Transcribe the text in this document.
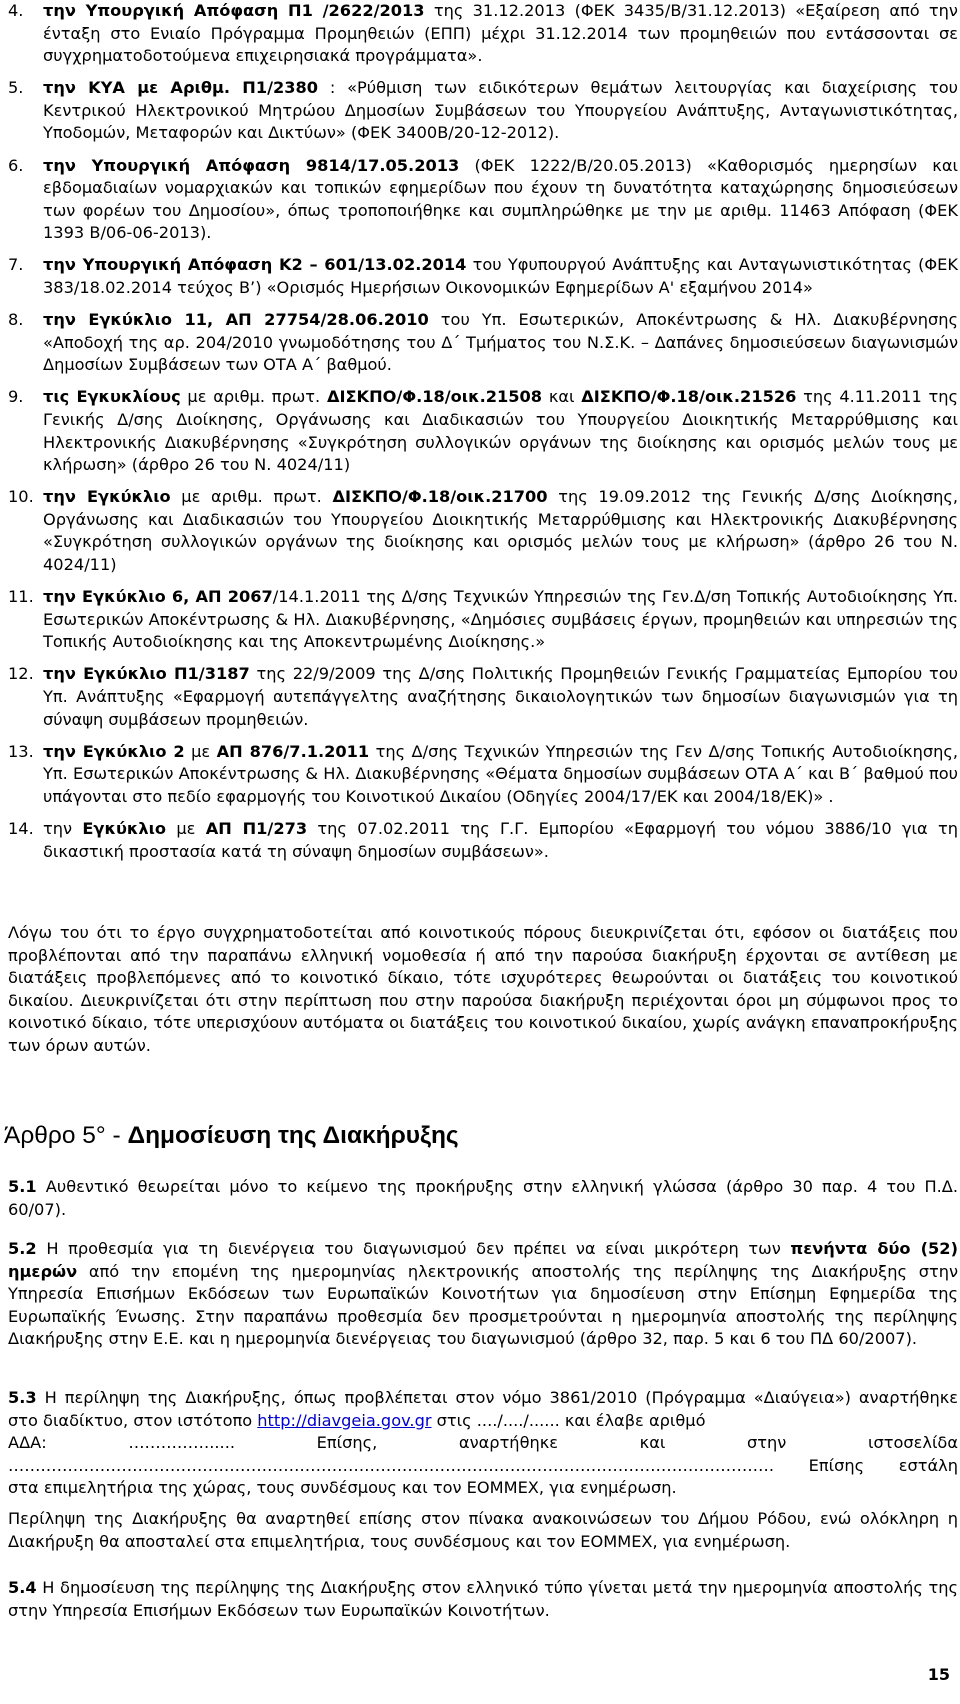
4.	την Υπουργική Απόφαση Π1 /2622/2013 της 31.12.2013 (ΦΕΚ 3435/Β/31.12.2013) «Εξαίρεση από την ένταξη στο Ενιαίο Πρόγραμμα Προμηθειών (ΕΠΠ) μέχρι 31.12.2014 των προμηθειών που εντάσσονται σε συγχρηματοδοτούμενα επιχειρησιακά προγράμματα».
5.	την ΚΥΑ με Αριθμ. Π1/2380 : «Ρύθμιση των ειδικότερων θεμάτων λειτουργίας και διαχείρισης του Κεντρικού Ηλεκτρονικού Μητρώου Δημοσίων Συμβάσεων του Υπουργείου Ανάπτυξης, Ανταγωνιστικότητας, Υποδομών, Μεταφορών και Δικτύων» (ΦΕΚ 3400Β/20-12-2012).
6.	την Υπουργική Απόφαση 9814/17.05.2013 (ΦΕΚ 1222/Β/20.05.2013) «Καθορισμός ημερησίων και εβδομαδιαίων νομαρχιακών και τοπικών εφημερίδων που έχουν τη δυνατότητα καταχώρησης δημοσιεύσεων των φορέων του Δημοσίου», όπως τροποποιήθηκε και συμπληρώθηκε με την με αριθμ. 11463 Απόφαση (ΦΕΚ 1393 Β/06-06-2013).
7.	την Υπουργική Απόφαση Κ2 – 601/13.02.2014 του Υφυπουργού Ανάπτυξης και Ανταγωνιστικότητας (ΦΕΚ 383/18.02.2014 τεύχος Β’) «Ορισμός Ημερήσιων Οικονομικών Εφημερίδων Α' εξαμήνου 2014»
8.	την Εγκύκλιο 11, ΑΠ 27754/28.06.2010 του Υπ. Εσωτερικών, Αποκέντρωσης & Ηλ. Διακυβέρνησης «Αποδοχή της αρ. 204/2010 γνωμοδότησης του Δ΄ Τμήματος του Ν.Σ.Κ. – Δαπάνες δημοσιεύσεων διαγωνισμών Δημοσίων Συμβάσεων των ΟΤΑ Α΄ βαθμού.
9.	τις Εγκυκλίους με αριθμ. πρωτ. ΔΙΣΚΠΟ/Φ.18/οικ.21508 και ΔΙΣΚΠΟ/Φ.18/οικ.21526 της 4.11.2011 της Γενικής Δ/σης Διοίκησης, Οργάνωσης και Διαδικασιών του Υπουργείου Διοικητικής Μεταρρύθμισης και Ηλεκτρονικής Διακυβέρνησης «Συγκρότηση συλλογικών οργάνων της διοίκησης και ορισμός μελών τους με κλήρωση» (άρθρο 26 του Ν. 4024/11)
10. την Εγκύκλιο με αριθμ. πρωτ. ΔΙΣΚΠΟ/Φ.18/οικ.21700 της 19.09.2012 της Γενικής Δ/σης Διοίκησης, Οργάνωσης και Διαδικασιών του Υπουργείου Διοικητικής Μεταρρύθμισης και Ηλεκτρονικής Διακυβέρνησης «Συγκρότηση συλλογικών οργάνων της διοίκησης και ορισμός μελών τους με κλήρωση» (άρθρο 26 του Ν. 4024/11)
11. την Εγκύκλιο 6, ΑΠ 2067/14.1.2011 της Δ/σης Τεχνικών Υπηρεσιών της Γεν.Δ/ση Τοπικής Αυτοδιοίκησης Υπ. Εσωτερικών Αποκέντρωσης & Ηλ. Διακυβέρνησης, «Δημόσιες συμβάσεις έργων, προμηθειών και υπηρεσιών της Τοπικής Αυτοδιοίκησης και της Αποκεντρωμένης Διοίκησης.»
12. την Εγκύκλιο Π1/3187 της 22/9/2009 της Δ/σης Πολιτικής Προμηθειών Γενικής Γραμματείας Εμπορίου του Υπ. Ανάπτυξης «Εφαρμογή αυτεπάγγελτης αναζήτησης δικαιολογητικών των δημοσίων διαγωνισμών για τη σύναψη συμβάσεων προμηθειών.
13. την Εγκύκλιο 2 με ΑΠ 876/7.1.2011 της Δ/σης Τεχνικών Υπηρεσιών της Γεν Δ/σης Τοπικής Αυτοδιοίκησης, Υπ. Εσωτερικών Αποκέντρωσης & Ηλ. Διακυβέρνησης «Θέματα δημοσίων συμβάσεων ΟΤΑ Α΄ και Β΄ βαθμού που υπάγονται στο πεδίο εφαρμογής του Κοινοτικού Δικαίου (Οδηγίες 2004/17/ΕΚ και 2004/18/ΕΚ)» .
14. την Εγκύκλιο με ΑΠ Π1/273 της 07.02.2011 της Γ.Γ. Εμπορίου «Εφαρμογή του νόμου 3886/10 για τη δικαστική προστασία κατά τη σύναψη δημοσίων συμβάσεων».

Λόγω του ότι το έργο συγχρηματοδοτείται από κοινοτικούς πόρους διευκρινίζεται ότι, εφόσον οι διατάξεις που προβλέπονται από την παραπάνω ελληνική νομοθεσία ή από την παρούσα διακήρυξη έρχονται σε αντίθεση με διατάξεις προβλεπόμενες από το κοινοτικό δίκαιο, τότε ισχυρότερες θεωρούνται οι διατάξεις του κοινοτικού δικαίου. Διευκρινίζεται ότι στην περίπτωση που στην παρούσα διακήρυξη περιέχονται όροι μη σύμφωνοι προς το κοινοτικό δίκαιο, τότε υπερισχύουν αυτόματα οι διατάξεις του κοινοτικού δικαίου, χωρίς ανάγκη επαναπροκήρυξης των όρων αυτών.

Άρθρο 5° - Δημοσίευση της Διακήρυξης

5.1 Αυθεντικό θεωρείται μόνο το κείμενο της προκήρυξης στην ελληνική γλώσσα (άρθρο 30 παρ. 4 του Π.Δ. 60/07).

5.2 Η προθεσμία για τη διενέργεια του διαγωνισμού δεν πρέπει να είναι μικρότερη των πενήντα δύο (52) ημερών από την επομένη της ημερομηνίας ηλεκτρονικής αποστολής της περίληψης της Διακήρυξης στην Υπηρεσία Επισήμων Εκδόσεων των Ευρωπαϊκών Κοινοτήτων για δημοσίευση στην Επίσημη Εφημερίδα της Ευρωπαϊκής Ένωσης. Στην παραπάνω προθεσμία δεν προσμετρούνται η ημερομηνία αποστολής της περίληψης Διακήρυξης στην Ε.Ε. και η ημερομηνία διενέργειας του διαγωνισμού (άρθρο 32, παρ. 5 και 6 του ΠΔ 60/2007).

5.3 Η περίληψη της Διακήρυξης, όπως προβλέπεται στον νόμο 3861/2010 (Πρόγραμμα «Διαύγεια») αναρτήθηκε στο διαδίκτυο, στον ιστότοπο http://diavgeia.gov.gr στις ..../..../...... και έλαβε αριθμό
ΑΔΑ: ……………..... Επίσης, αναρτήθηκε και στην ιστοσελίδα
……………………………………………………………………………………………………………………………. Επίσης εστάλη
στα επιμελητήρια της χώρας, τους συνδέσμους και τον ΕΟΜΜΕΧ, για ενημέρωση.

Περίληψη της Διακήρυξης θα αναρτηθεί επίσης στον πίνακα ανακοινώσεων του Δήμου Ρόδου, ενώ ολόκληρη η Διακήρυξη θα αποσταλεί στα επιμελητήρια, τους συνδέσμους και τον ΕΟΜΜΕΧ, για ενημέρωση.

5.4 Η δημοσίευση της περίληψης της Διακήρυξης στον ελληνικό τύπο γίνεται μετά την ημερομηνία αποστολής της στην Υπηρεσία Επισήμων Εκδόσεων των Ευρωπαϊκών Κοινοτήτων.

15
